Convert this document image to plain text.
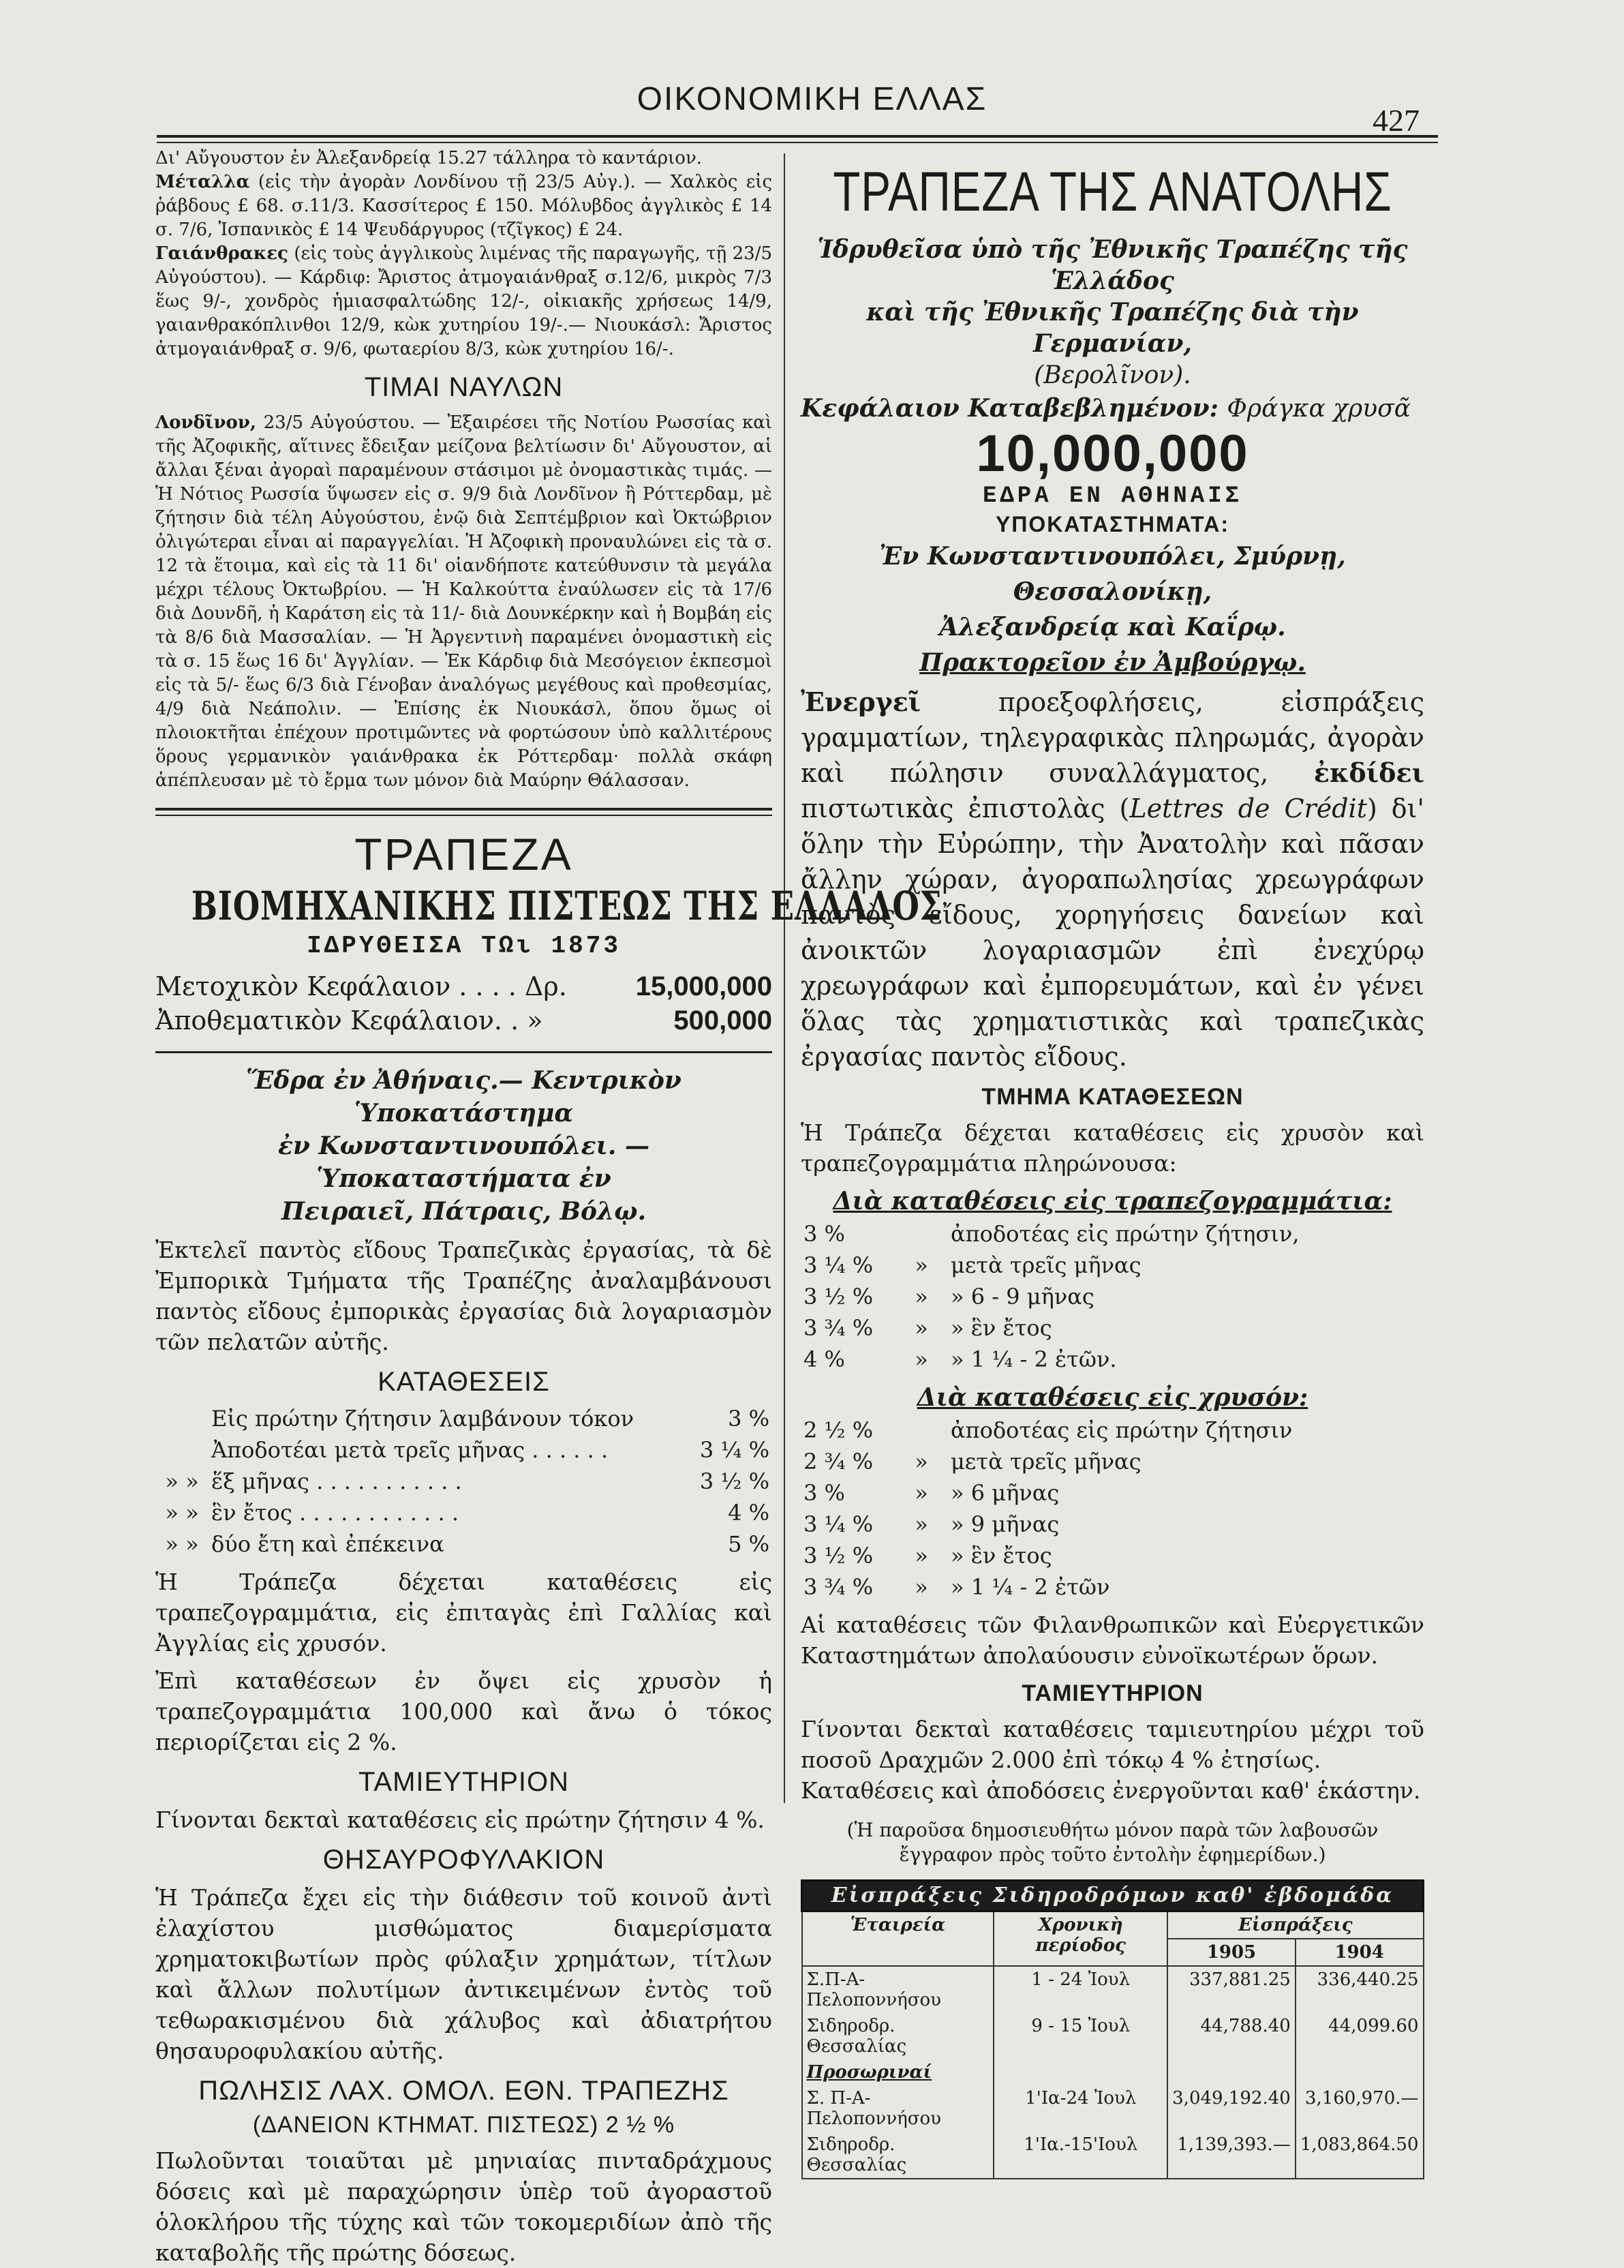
ΟΙΚΟΝΟΜΙΚΗ ΕΛΛΑΣ
427

Δι' Αὔγουστον ἐν Ἀλεξανδρείᾳ 15.27 τάλληρα τὸ καντάριον.

Μέταλλα (εἰς τὴν ἀγορὰν Λονδίνου τῇ 23/5 Αὐγ.). — Χαλκὸς εἰς ῥάβδους £ 68. σ.11/3. Κασσίτερος £ 150. Μόλυβδος ἀγγλικὸς £ 14 σ. 7/6, Ἱσπανικὸς £ 14 Ψευδάργυρος (τζῖγκος) £ 24.

Γαιάνθρακες (εἰς τοὺς ἀγγλικοὺς λιμένας τῆς παραγωγῆς, τῇ 23/5 Αὐγούστου). — Κάρδιφ: Ἄριστος ἀτμογαιάνθραξ σ.12/6, μικρὸς 7/3 ἕως 9/-, χονδρὸς ἡμιασφαλτώδης 12/-, οἰκιακῆς χρήσεως 14/9, γαιανθρακόπλινθοι 12/9, κὼκ χυτηρίου 19/-.— Νιουκάσλ: Ἄριστος ἀτμογαιάνθραξ σ. 9/6, φωταερίου 8/3, κὼκ χυτηρίου 16/-.

ΤΙΜΑΙ ΝΑΥΛΩΝ

Λονδῖνον, 23/5 Αὐγούστου. — Ἐξαιρέσει τῆς Νοτίου Ρωσσίας καὶ τῆς Ἀζοφικῆς, αἵτινες ἔδειξαν μείζονα βελτίωσιν δι' Αὔγουστον, αἱ ἄλλαι ξέναι ἀγοραὶ παραμένουν στάσιμοι μὲ ὀνομαστικὰς τιμάς. — Ἡ Νότιος Ρωσσία ὕψωσεν εἰς σ. 9/9 διὰ Λονδῖνον ἢ Ρόττερδαμ, μὲ ζήτησιν διὰ τέλη Αὐγούστου, ἐνῷ διὰ Σεπτέμβριον καὶ Ὀκτώβριον ὀλιγώτεραι εἶναι αἱ παραγγελίαι. Ἡ Ἀζοφικὴ προναυλώνει εἰς τὰ σ. 12 τὰ ἕτοιμα, καὶ εἰς τὰ 11 δι' οἱανδήποτε κατεύθυνσιν τὰ μεγάλα μέχρι τέλους Ὀκτωβρίου. — Ἡ Καλκούττα ἐναύλωσεν εἰς τὰ 17/6 διὰ Δουνδῆ, ἡ Καράτση εἰς τὰ 11/- διὰ Δουνκέρκην καὶ ἡ Βομβάη εἰς τὰ 8/6 διὰ Μασσαλίαν. — Ἡ Ἀργεντινὴ παραμένει ὀνομαστικὴ εἰς τὰ σ. 15 ἕως 16 δι' Ἀγγλίαν. — Ἐκ Κάρδιφ διὰ Μεσόγειον ἐκπεσμοὶ εἰς τὰ 5/- ἕως 6/3 διὰ Γένοβαν ἀναλόγως μεγέθους καὶ προθεσμίας, 4/9 διὰ Νεάπολιν. — Ἐπίσης ἐκ Νιουκάσλ, ὅπου ὅμως οἱ πλοιοκτῆται ἐπέχουν προτιμῶντες νὰ φορτώσουν ὑπὸ καλλιτέρους ὅρους γερμανικὸν γαιάνθρακα ἐκ Ρόττερδαμ· πολλὰ σκάφη ἀπέπλευσαν μὲ τὸ ἔρμα των μόνον διὰ Μαύρην Θάλασσαν.

ΤΡΑΠΕΖΑ
ΒΙΟΜΗΧΑΝΙΚΗΣ ΠΙΣΤΕΩΣ ΤΗΣ ΕΛΛΑΔΟΣ
ΙΔΡΥΘΕΙΣΑ ΤΩι 1873
Μετοχικὸν Κεφάλαιον . . . . Δρ.	15,000,000
Ἀποθεματικὸν Κεφάλαιον. . »	500,000
Ἕδρα ἐν Ἀθήναις.— Κεντρικὸν Ὑποκατάστημα
ἐν Κωνσταντινουπόλει. —Ὑποκαταστήματα ἐν
Πειραιεῖ, Πάτραις, Βόλῳ.

Ἐκτελεῖ παντὸς εἴδους Τραπεζικὰς ἐργασίας, τὰ δὲ Ἐμπορικὰ Τμήματα τῆς Τραπέζης ἀναλαμβάνουσι παντὸς εἴδους ἐμπορικὰς ἐργασίας διὰ λογαριασμὸν τῶν πελατῶν αὐτῆς.

ΚΑΤΑΘΕΣΕΙΣ
	Εἰς πρώτην ζήτησιν λαμβάνουν τόκον	3 %
	Ἀποδοτέαι μετὰ τρεῖς μῆνας . . . . . .	3 ¼ %
» »	ἕξ μῆνας . . . . . . . . . . .	3 ½ %
» »	ἓν ἔτος . . . . . . . . . . . .	4 %
» »	δύο ἔτη καὶ ἐπέκεινα	5 %

Ἡ Τράπεζα δέχεται καταθέσεις εἰς τραπεζογραμμάτια, εἰς ἐπιταγὰς ἐπὶ Γαλλίας καὶ Ἀγγλίας εἰς χρυσόν.

Ἐπὶ καταθέσεων ἐν ὄψει εἰς χρυσὸν ἡ τραπεζογραμμάτια 100,000 καὶ ἄνω ὁ τόκος περιορίζεται εἰς 2 %.

ΤΑΜΙΕΥΤΗΡΙΟΝ

Γίνονται δεκταὶ καταθέσεις εἰς πρώτην ζήτησιν 4 %.

ΘΗΣΑΥΡΟΦΥΛΑΚΙΟΝ

Ἡ Τράπεζα ἔχει εἰς τὴν διάθεσιν τοῦ κοινοῦ ἀντὶ ἐλαχίστου μισθώματος διαμερίσματα χρηματοκιβωτίων πρὸς φύλαξιν χρημάτων, τίτλων καὶ ἄλλων πολυτίμων ἀντικειμένων ἐντὸς τοῦ τεθωρακισμένου διὰ χάλυβος καὶ ἀδιατρήτου θησαυροφυλακίου αὐτῆς.

ΠΩΛΗΣΙΣ ΛΑΧ. ΟΜΟΛ. ΕΘΝ. ΤΡΑΠΕΖΗΣ
(ΔΑΝΕΙΟΝ ΚΤΗΜΑΤ. ΠΙΣΤΕΩΣ) 2 ½ %

Πωλοῦνται τοιαῦται μὲ μηνιαίας πινταδράχμους δόσεις καὶ μὲ παραχώρησιν ὑπὲρ τοῦ ἀγοραστοῦ ὁλοκλήρου τῆς τύχης καὶ τῶν τοκομεριδίων ἀπὸ τῆς καταβολῆς τῆς πρώτης δόσεως.

ΤΡΑΠΕΖΑ ΤΗΣ ΑΝΑΤΟΛΗΣ
Ἱδρυθεῖσα ὑπὸ τῆς Ἐθνικῆς Τραπέζης τῆς Ἑλλάδος
καὶ τῆς Ἐθνικῆς Τραπέζης διὰ τὴν Γερμανίαν,
(Βερολῖνον).
Κεφάλαιον Καταβεβλημένον: Φράγκα χρυσᾶ
10,000,000
ΕΔΡΑ ΕΝ ΑΘΗΝΑΙΣ
ΥΠΟΚΑΤΑΣΤΗΜΑΤΑ:
Ἐν Κωνσταντινουπόλει, Σμύρνῃ, Θεσσαλονίκῃ,
Ἀλεξανδρείᾳ καὶ Καΐρῳ.
Πρακτορεῖον ἐν Ἀμβούργῳ.

Ἐνεργεῖ προεξοφλήσεις, εἰσπράξεις γραμματίων, τηλεγραφικὰς πληρωμάς, ἀγορὰν καὶ πώλησιν συναλλάγματος, ἐκδίδει πιστωτικὰς ἐπιστολὰς (Lettres de Crédit) δι' ὅλην τὴν Εὐρώπην, τὴν Ἀνατολὴν καὶ πᾶσαν ἄλλην χώραν, ἀγοραπωλησίας χρεωγράφων παντὸς εἴδους, χορηγήσεις δανείων καὶ ἀνοικτῶν λογαριασμῶν ἐπὶ ἐνεχύρῳ χρεωγράφων καὶ ἐμπορευμάτων, καὶ ἐν γένει ὅλας τὰς χρηματιστικὰς καὶ τραπεζικὰς ἐργασίας παντὸς εἴδους.

ΤΜΗΜΑ ΚΑΤΑΘΕΣΕΩΝ

Ἡ Τράπεζα δέχεται καταθέσεις εἰς χρυσὸν καὶ τραπεζογραμμάτια πληρώνουσα:

Διὰ καταθέσεις εἰς τραπεζογραμμάτια:
3 %		ἀποδοτέας εἰς πρώτην ζήτησιν,
3 ¼ %	»	μετὰ τρεῖς μῆνας
3 ½ %	»	» 6 - 9 μῆνας
3 ¾ %	»	» ἓν ἔτος
4 %	»	» 1 ¼ - 2 ἐτῶν.
Διὰ καταθέσεις εἰς χρυσόν:
2 ½ %		ἀποδοτέας εἰς πρώτην ζήτησιν
2 ¾ %	»	μετὰ τρεῖς μῆνας
3 %	»	» 6 μῆνας
3 ¼ %	»	» 9 μῆνας
3 ½ %	»	» ἓν ἔτος
3 ¾ %	»	» 1 ¼ - 2 ἐτῶν

Αἱ καταθέσεις τῶν Φιλανθρωπικῶν καὶ Εὐεργετικῶν Καταστημάτων ἀπολαύουσιν εὐνοϊκωτέρων ὅρων.

ΤΑΜΙΕΥΤΗΡΙΟΝ

Γίνονται δεκταὶ καταθέσεις ταμιευτηρίου μέχρι τοῦ ποσοῦ Δραχμῶν 2.000 ἐπὶ τόκῳ 4 % ἐτησίως.

Καταθέσεις καὶ ἀποδόσεις ἐνεργοῦνται καθ' ἑκάστην.

(Ἡ παροῦσα δημοσιευθήτω μόνον παρὰ τῶν λαβουσῶν ἔγγραφον πρὸς τοῦτο ἐντολὴν ἐφημερίδων.)

Εἰσπράξεις Σιδηροδρόμων καθ' ἑβδομάδα			
Ἑταιρεία	Χρονικὴ περίοδος	Εἰσπράξεις	
		1905	1904
Σ.Π-Α-Πελοποννήσου	1 - 24 Ἰουλ	337,881.25	336,440.25
Σιδηροδρ. Θεσσαλίας	9 - 15 Ἰουλ	44,788.40	44,099.60
Προσωριναί			
Σ. Π-Α-Πελοποννήσου	1'Ια-24 Ἰουλ	3,049,192.40	3,160,970.—
Σιδηροδρ. Θεσσαλίας	1'Ια.-15'Ιουλ	1,139,393.—	1,083,864.50
